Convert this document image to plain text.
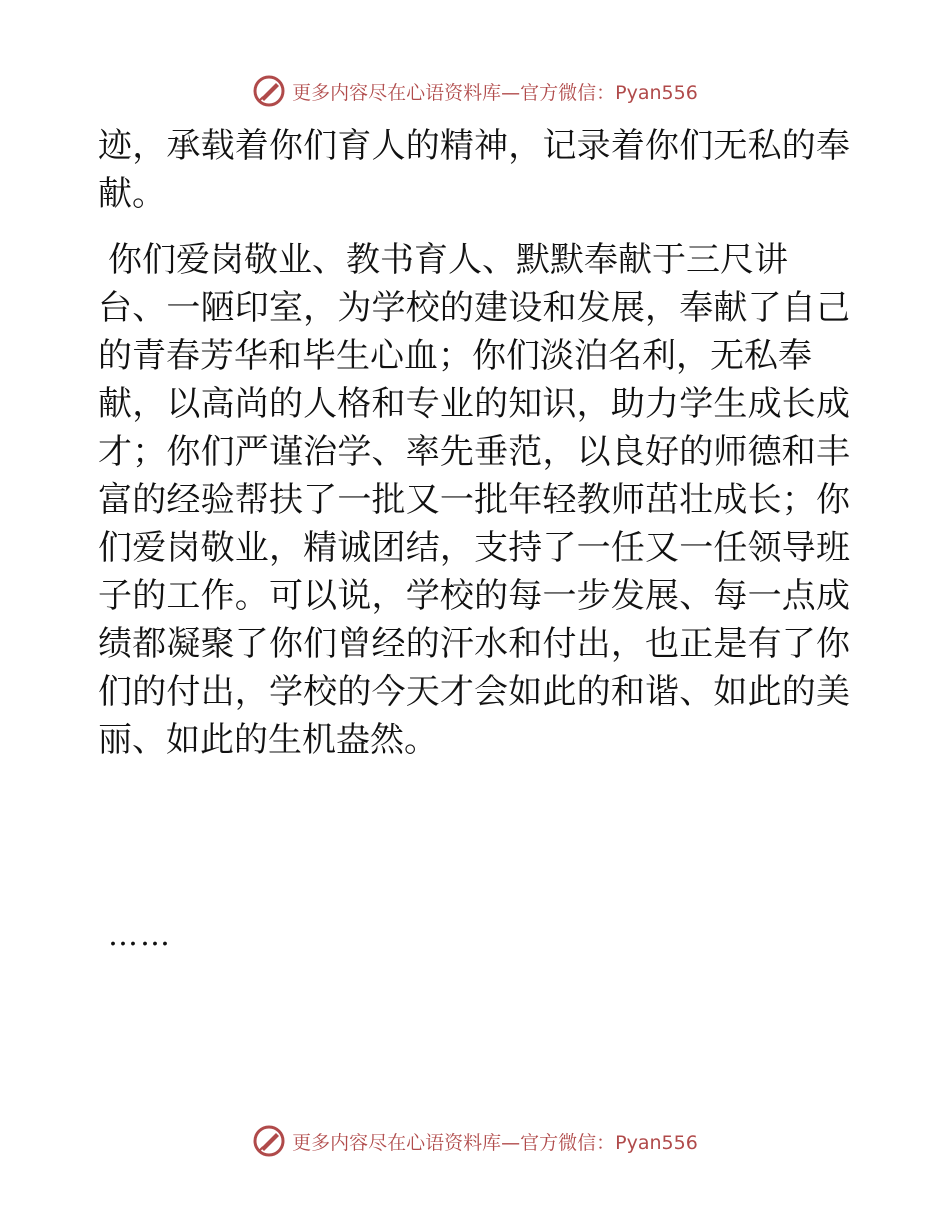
更多内容尽在心语资料库—官方微信：Pyan556

迹，承载着你们育人的精神，记录着你们无私的奉
献。

你们爱岗敬业、教书育人、默默奉献于三尺讲
台、一陋印室，为学校的建设和发展，奉献了自己
的青春芳华和毕生心血；你们淡泊名利，无私奉
献，以高尚的人格和专业的知识，助力学生成长成
才；你们严谨治学、率先垂范，以良好的师德和丰
富的经验帮扶了一批又一批年轻教师茁壮成长；你
们爱岗敬业，精诚团结，支持了一任又一任领导班
子的工作。可以说，学校的每一步发展、每一点成
绩都凝聚了你们曾经的汗水和付出，也正是有了你
们的付出，学校的今天才会如此的和谐、如此的美
丽、如此的生机盎然。

……
更多内容尽在心语资料库—官方微信：Pyan556
